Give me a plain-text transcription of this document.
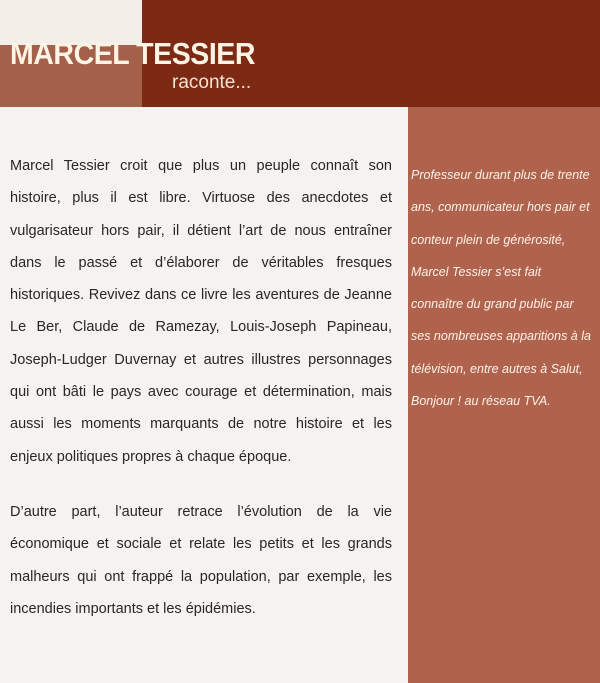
MARCEL TESSIER
raconte...

Marcel Tessier croit que plus un peuple connaît son histoire, plus il est libre. Virtuose des anecdotes et vulgarisateur hors pair, il détient l’art de nous entraîner dans le passé et d’élaborer de véritables fresques historiques. Revivez dans ce livre les aventures de Jeanne Le Ber, Claude de Ramezay, Louis-Joseph Papineau, Joseph-Ludger Duvernay et autres illustres personnages qui ont bâti le pays avec courage et détermination, mais aussi les moments marquants de notre histoire et les enjeux politiques propres à chaque époque.

D’autre part, l’auteur retrace l’évolution de la vie économique et sociale et relate les petits et les grands malheurs qui ont frappé la population, par exemple, les incendies importants et les épidémies.

Professeur durant plus de trente ans, communicateur hors pair et conteur plein de générosité, Marcel Tessier s’est fait connaître du grand public par ses nombreuses apparitions à la télévision, entre autres à Salut, Bonjour ! au réseau TVA.
